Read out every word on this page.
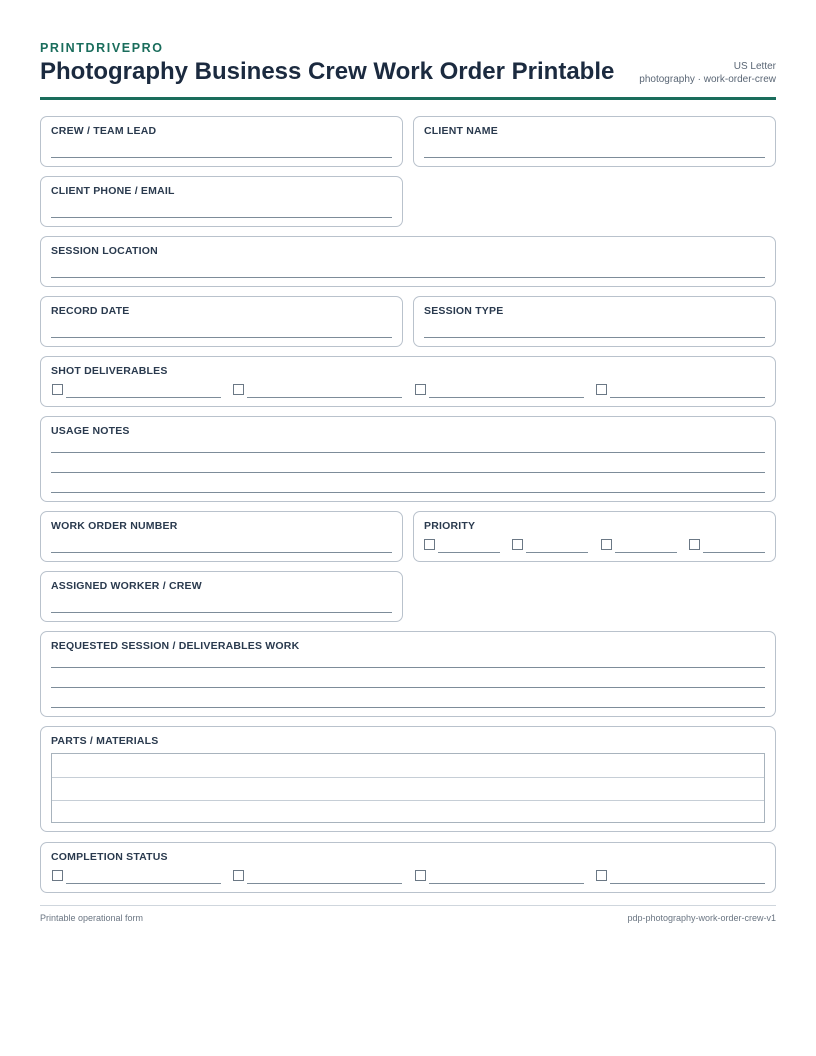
PRINTDRIVEPRO
Photography Business Crew Work Order Printable	US Letter
photography · work-order-crew
CREW / TEAM LEAD	CLIENT NAME
CLIENT PHONE / EMAIL
SESSION LOCATION
RECORD DATE	SESSION TYPE
SHOT DELIVERABLES
USAGE NOTES
WORK ORDER NUMBER	PRIORITY
ASSIGNED WORKER / CREW
REQUESTED SESSION / DELIVERABLES WORK
PARTS / MATERIALS
COMPLETION STATUS
Printable operational form	pdp-photography-work-order-crew-v1
